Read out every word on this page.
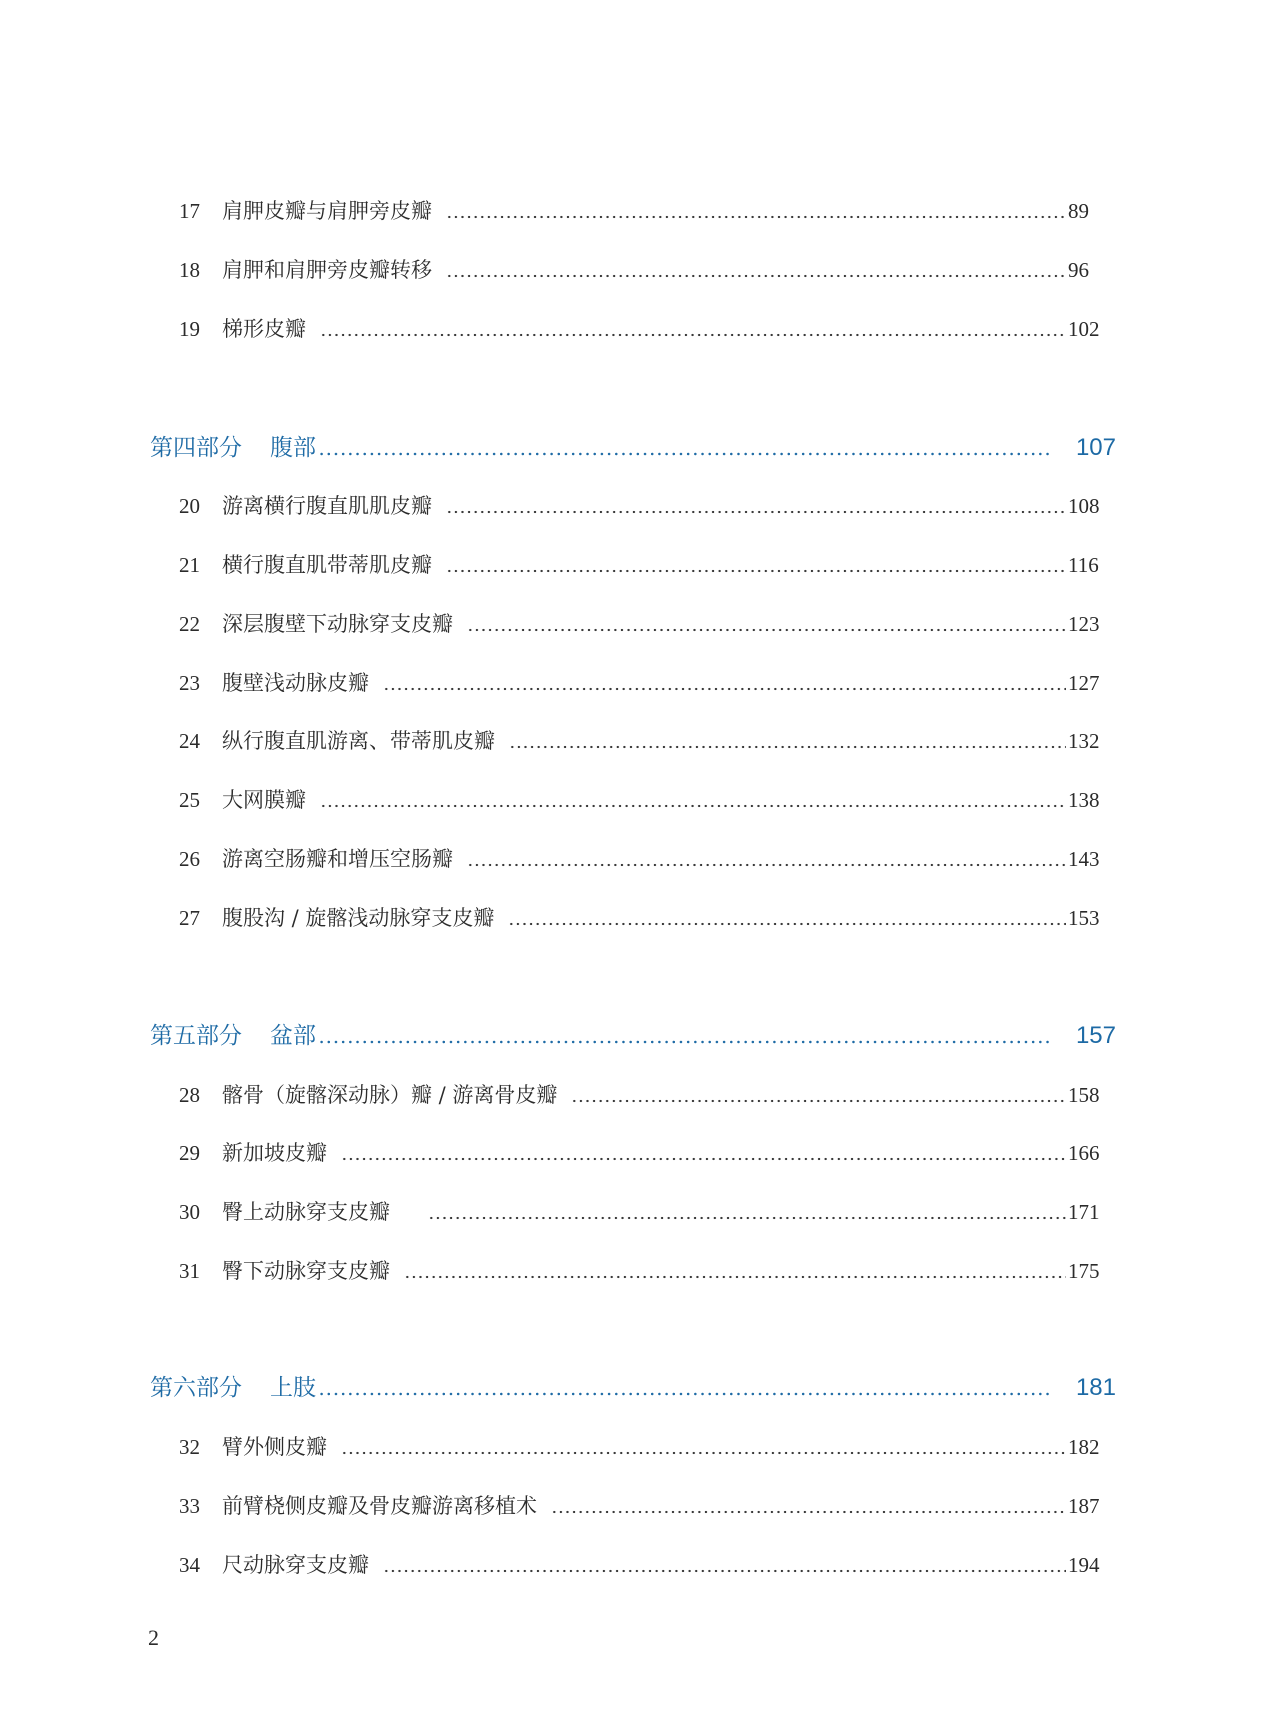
17 肩胛皮瓣与肩胛旁皮瓣	89
18 肩胛和肩胛旁皮瓣转移	96
19 梯形皮瓣	102
第四部分 腹部	107
20 游离横行腹直肌肌皮瓣	108
21 横行腹直肌带蒂肌皮瓣	116
22 深层腹壁下动脉穿支皮瓣	123
23 腹壁浅动脉皮瓣	127
24 纵行腹直肌游离、带蒂肌皮瓣	132
25 大网膜瓣	138
26 游离空肠瓣和增压空肠瓣	143
27 腹股沟 / 旋髂浅动脉穿支皮瓣	153
第五部分 盆部	157
28 髂骨（旋髂深动脉）瓣 / 游离骨皮瓣	158
29 新加坡皮瓣	166
30 臀上动脉穿支皮瓣	171
31 臀下动脉穿支皮瓣	175
第六部分 上肢	181
32 臂外侧皮瓣	182
33 前臂桡侧皮瓣及骨皮瓣游离移植术	187
34 尺动脉穿支皮瓣	194
2
